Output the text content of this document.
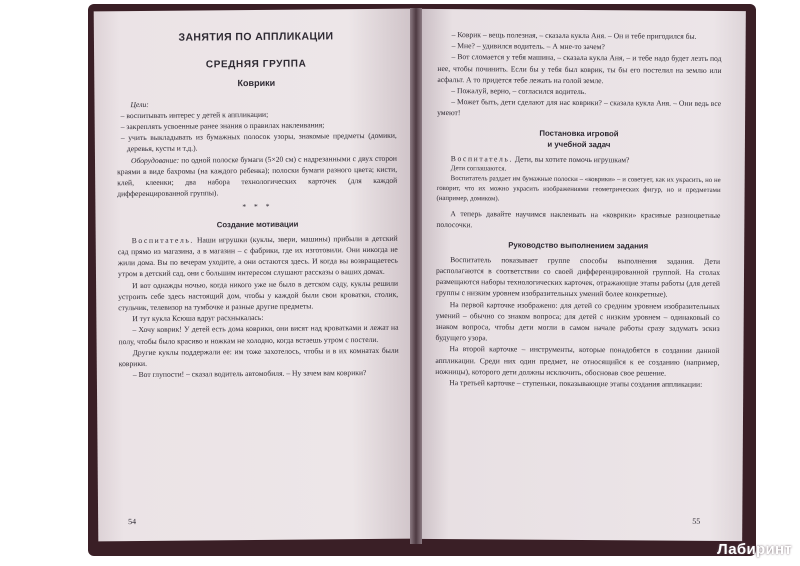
ЗАНЯТИЯ ПО АППЛИКАЦИИ
СРЕДНЯЯ ГРУППА
Коврики

Цели:

– воспитывать интерес у детей к аппликации;

– закреплять усвоенные ранее знания о правилах наклеивания;

– учить выкладывать из бумажных полосок узоры, знакомые предметы (домики, деревья, кусты и т.д.).

Оборудование: по одной полоске бумаги (5×20 см) с надрезанными с двух сторон краями в виде бахромы (на каждого ребенка); полоски бумаги разного цвета; кисти, клей, клеенки; два набора технологических карточек (для каждой дифференцированной группы).

* * *
Создание мотивации

Воспитатель. Наши игрушки (куклы, звери, машины) прибыли в детский сад прямо из магазина, а в магазин – с фабрики, где их изготовили. Они никогда не жили дома. Вы по вечерам уходите, а они остаются здесь. И когда вы возвращаетесь утром в детский сад, они с большим интересом слушают рассказы о ваших домах.

И вот однажды ночью, когда никого уже не было в детском саду, куклы решили устроить себе здесь настоящий дом, чтобы у каждой были свои кроватки, столик, стульчик, телевизор на тумбочке и разные другие предметы.

И тут кукла Ксюша вдруг расхныкалась:

– Хочу коврик! У детей есть дома коврики, они висят над кроватками и лежат на полу, чтобы было красиво и ножкам не холодно, когда встаешь утром с постели.

Другие куклы поддержали ее: им тоже захотелось, чтобы и в их комнатах были коврики.

– Вот глупости! – сказал водитель автомобиля. – Ну зачем вам коврики?

54

– Коврик – вещь полезная, – сказала кукла Аня. – Он и тебе пригодился бы.

– Мне? – удивился водитель. – А мне-то зачем?

– Вот сломается у тебя машина, – сказала кукла Аня, – и тебе надо будет лезть под нее, чтобы починить. Если бы у тебя был коврик, ты бы его постелил на землю или асфальт. А то придется тебе лежать на голой земле.

– Пожалуй, верно, – согласился водитель.

– Может быть, дети сделают для нас коврики? – сказала кукла Аня. – Они ведь все умеют!

Постановка игровой
и учебной задач

Воспитатель. Дети, вы хотите помочь игрушкам?

Дети соглашаются.

Воспитатель раздает им бумажные полоски – «коврики» – и советует, как их украсить, но не говорит, что их можно украсить изображениями геометрических фигур, но и предметами (например, домиком).

А теперь давайте научимся наклеивать на «коврики» красивые разноцветные полосочки.

Руководство выполнением задания

Воспитатель показывает группе способы выполнения задания. Дети располагаются в соответствии со своей дифференцированной группой. На столах размещаются наборы технологических карточек, отражающие этапы работы (для детей группы с низким уровнем изобразительных умений более конкретные).

На первой карточке изображено: для детей со средним уровнем изобразительных умений – обычно со знаком вопроса; для детей с низким уровнем – одинаковый со знаком вопроса, чтобы дети могли в самом начале работы сразу задумать эскиз будущего узора.

На второй карточке – инструменты, которые понадобятся в создании данной аппликации. Среди них один предмет, не относящийся к ее созданию (например, ножницы), которого дети должны исключить, обосновав свое решение.

На третьей карточке – ступеньки, показывающие этапы создания аппликации:

55
Лабиринт
